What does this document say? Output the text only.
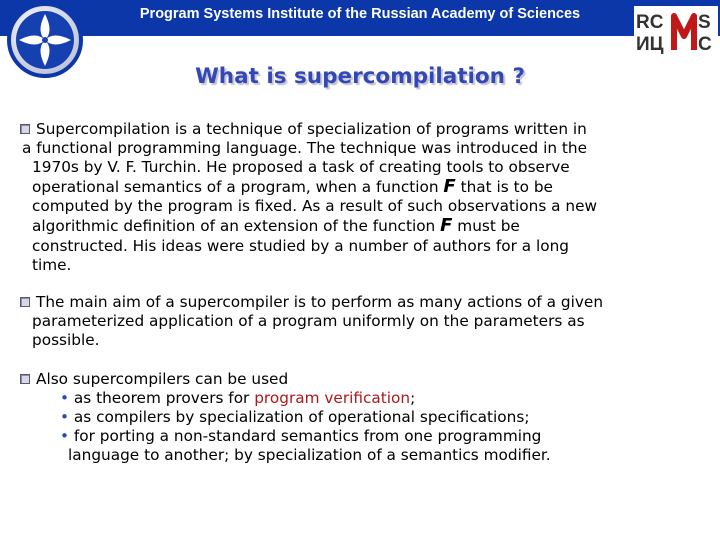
Program Systems Institute of the Russian Academy of Sciences	RC S
ИЦ С
What is supercompilation ?
Supercompilation is a technique of specialization of programs written in
a functional programming language. The technique was introduced in the
1970s by V. F. Turchin. He proposed a task of creating tools to observe
operational semantics of a program, when a function F that is to be
computed by the program is fixed. As a result of such observations a new
algorithmic definition of an extension of the function F must be
constructed. His ideas were studied by a number of authors for a long
time.
The main aim of a supercompiler is to perform as many actions of a given
parameterized application of a program uniformly on the parameters as
possible.
Also supercompilers can be used
• as theorem provers for program verification;
• as compilers by specialization of operational specifications;
• for porting a non-standard semantics from one programming
language to another; by specialization of a semantics modifier.
